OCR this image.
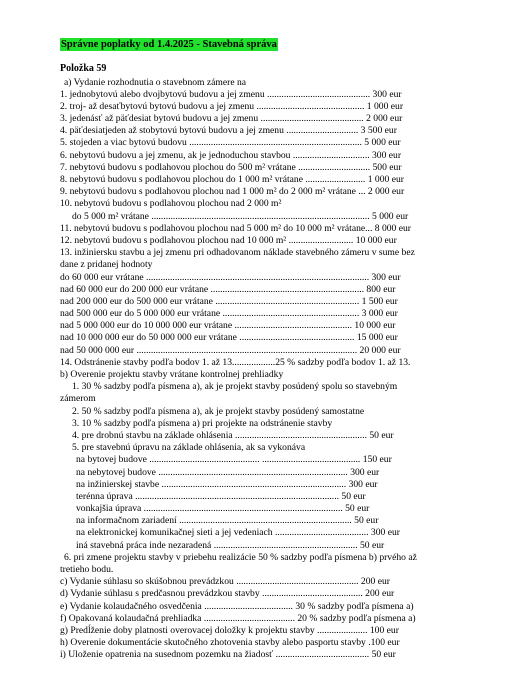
Správne poplatky od 1.4.2025 - Stavebná správa
Položka 59
a) Vydanie rozhodnutia o stavebnom zámere na
1. jednobytovú alebo dvojbytovú budovu a jej zmenu ........................................... 300 eur
2. troj- až desaťbytovú bytovú budovu a jej zmenu ............................................. 1 000 eur
3. jedenásť až päťdesiat bytovú budovu a jej zmenu ........................................... 2 000 eur
4. päťdesiatjeden až stobytovú bytovú budovu a jej zmenu .............................. 3 500 eur
5. stojeden a viac bytovú budovu ........................................................................ 5 000 eur
6. nebytovú budovu a jej zmenu, ak je jednoduchou stavbou ................................ 300 eur
7. nebytovú budovu s podlahovou plochou do 500 m² vrátane .............................. 500 eur
8. nebytovú budovu s podlahovou plochou do 1 000 m² vrátane ......................... 1 000 eur
9. nebytovú budovu s podlahovou plochou nad 1 000 m² do 2 000 m² vrátane ... 2 000 eur
10. nebytovú budovu s podlahovou plochou nad 2 000 m²
do 5 000 m² vrátane ........................................................................................... 5 000 eur
11. nebytovú budovu s podlahovou plochou nad 5 000 m² do 10 000 m² vrátane... 8 000 eur
12. nebytovú budovu s podlahovou plochou nad 10 000 m² ........................... 10 000 eur
13. inžiniersku stavbu a jej zmenu pri odhadovanom náklade stavebného zámeru v sume bez
dane z pridanej hodnoty
do 60 000 eur vrátane ............................................................................................. 300 eur
nad 60 000 eur do 200 000 eur vrátane ................................................................ 800 eur
nad 200 000 eur do 500 000 eur vrátane ............................................................ 1 500 eur
nad 500 000 eur do 5 000 000 eur vrátane ......................................................... 3 000 eur
nad 5 000 000 eur do 10 000 000 eur vrátane ................................................. 10 000 eur
nad 10 000 000 eur do 50 000 000 eur vrátane ................................................ 15 000 eur
nad 50 000 000 eur ............................................................................................ 20 000 eur
14. Odstránenie stavby podľa bodov 1. až 13..................25 % sadzby podľa bodov 1. až 13.
b) Overenie projektu stavby vrátane kontrolnej prehliadky
1. 30 % sadzby podľa písmena a), ak je projekt stavby posúdený spolu so stavebným
zámerom
2. 50 % sadzby podľa písmena a), ak je projekt stavby posúdený samostatne
3. 10 % sadzby podľa písmena a) pri projekte na odstránenie stavby
4. pre drobnú stavbu na základe ohlásenia ....................................................... 50 eur
5. pre stavebnú úpravu na základe ohlásenia, ak sa vykonáva
na bytovej budove .............................................. ......................................... 150 eur
na nebytovej budove ............................................................................... 300 eur
na inžinierskej stavbe ............................................................................. 300 eur
terénna úprava ..................................................................................... 50 eur
vonkajšia úprava ................................................................................... 50 eur
na informačnom zariadení ........................................................................ 50 eur
na elektronickej komunikačnej sieti a jej vedeniach ....................................... 300 eur
iná stavebná práca inde nezaradená ............................................................ 50 eur
6. pri zmene projektu stavby v priebehu realizácie 50 % sadzby podľa písmena b) prvého až
tretieho bodu.
c) Vydanie súhlasu so skúšobnou prevádzkou ................................................... 200 eur
d) Vydanie súhlasu s predčasnou prevádzkou stavby .......................................... 200 eur
e) Vydanie kolaudačného osvedčenia ..................................... 30 % sadzby podľa písmena a)
f) Opakovaná kolaudačná prehliadka ...................................... 20 % sadzby podľa písmena a)
g) Predĺženie doby platnosti overovacej doložky k projektu stavby ..................... 100 eur
h) Overenie dokumentácie skutočného zhotovenia stavby alebo pasportu stavby .100 eur
i) Uloženie opatrenia na susednom pozemku na žiadosť ....................................... 50 eur
